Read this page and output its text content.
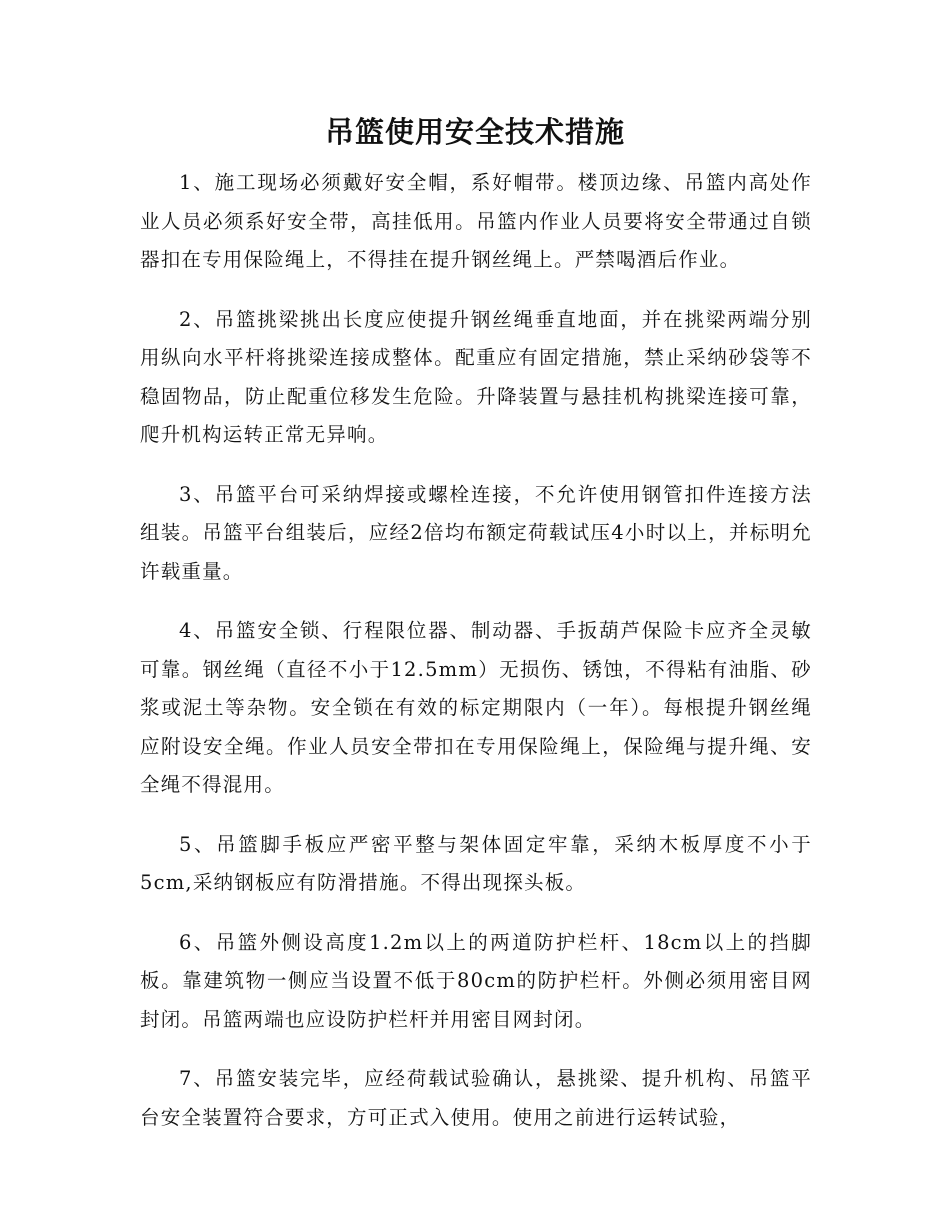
吊篮使用安全技术措施

1、施工现场必须戴好安全帽，系好帽带。楼顶边缘、吊篮内高处作业人员必须系好安全带，高挂低用。吊篮内作业人员要将安全带通过自锁器扣在专用保险绳上，不得挂在提升钢丝绳上。严禁喝酒后作业。

2、吊篮挑梁挑出长度应使提升钢丝绳垂直地面，并在挑梁两端分别用纵向水平杆将挑梁连接成整体。配重应有固定措施，禁止采纳砂袋等不稳固物品，防止配重位移发生危险。升降装置与悬挂机构挑梁连接可靠，爬升机构运转正常无异响。

3、吊篮平台可采纳焊接或螺栓连接，不允许使用钢管扣件连接方法组装。吊篮平台组装后，应经2倍均布额定荷载试压4小时以上，并标明允许载重量。

4、吊篮安全锁、行程限位器、制动器、手扳葫芦保险卡应齐全灵敏可靠。钢丝绳（直径不小于12.5mm）无损伤、锈蚀，不得粘有油脂、砂浆或泥土等杂物。安全锁在有效的标定期限内（一年）。每根提升钢丝绳应附设安全绳。作业人员安全带扣在专用保险绳上，保险绳与提升绳、安全绳不得混用。

5、吊篮脚手板应严密平整与架体固定牢靠，采纳木板厚度不小于5cm,采纳钢板应有防滑措施。不得出现探头板。

6、吊篮外侧设高度1.2m以上的两道防护栏杆、18cm以上的挡脚板。靠建筑物一侧应当设置不低于80cm的防护栏杆。外侧必须用密目网封闭。吊篮两端也应设防护栏杆并用密目网封闭。

7、吊篮安装完毕，应经荷载试验确认，悬挑梁、提升机构、吊篮平台安全装置符合要求，方可正式入使用。使用之前进行运转试验，
